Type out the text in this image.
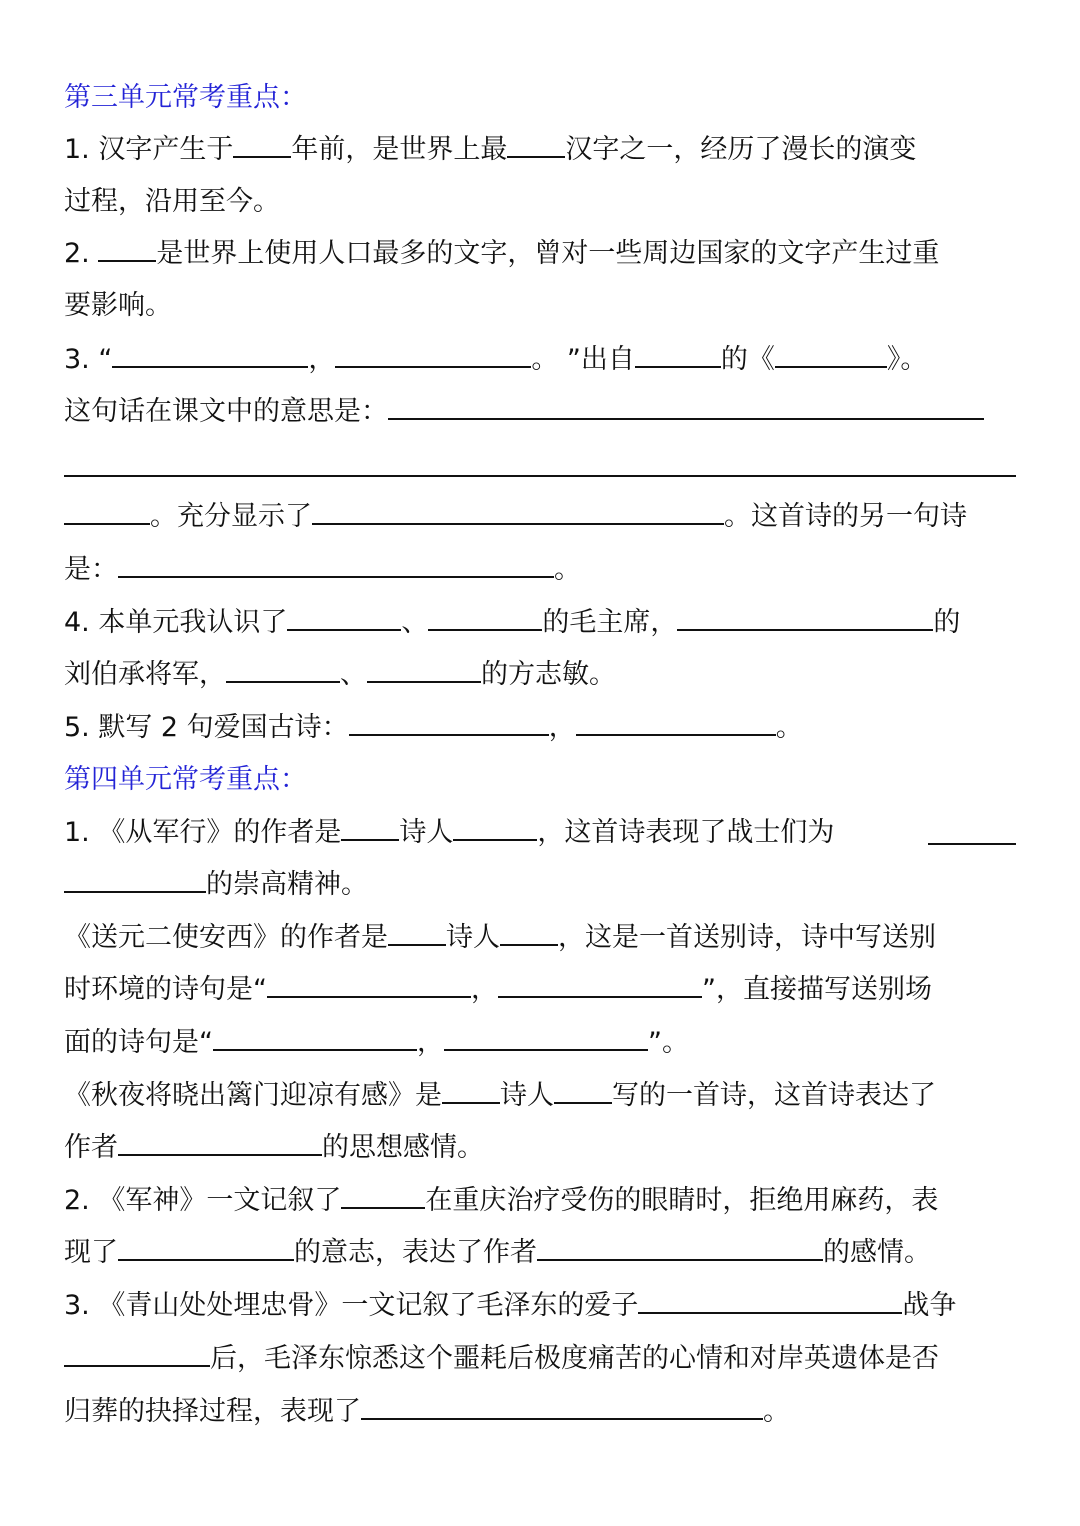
第三单元常考重点：
1. 汉字产生于 年前，是世界上最 汉字之一，经历了漫长的演变
过程，沿用至今。
2. 是世界上使用人口最多的文字，曾对一些周边国家的文字产生过重
要影响。
3. “	，	。 ”出自	的《	》。
这句话在课文中的意思是：
。充分显示了	。这首诗的另一句诗
是：	。
4. 本单元我认识了	、	的毛主席，	的
刘伯承将军，	、	的方志敏。
5. 默写 2 句爱国古诗：	，	。
第四单元常考重点：
1. 《从军行》的作者是 诗人	，这首诗表现了战士们为
的崇高精神。
《送元二使安西》的作者是 诗人 ，这是一首送别诗，诗中写送别
时环境的诗句是“	，	”，直接描写送别场
面的诗句是“	，	”。
《秋夜将晓出篱门迎凉有感》是 诗人 写的一首诗，这首诗表达了
作者	的思想感情。
2. 《军神》一文记叙了	在重庆治疗受伤的眼睛时，拒绝用麻药，表
现了	的意志，表达了作者	的感情。
3. 《青山处处埋忠骨》一文记叙了毛泽东的爱子	战争
后，毛泽东惊悉这个噩耗后极度痛苦的心情和对岸英遗体是否
归葬的抉择过程，表现了	。
